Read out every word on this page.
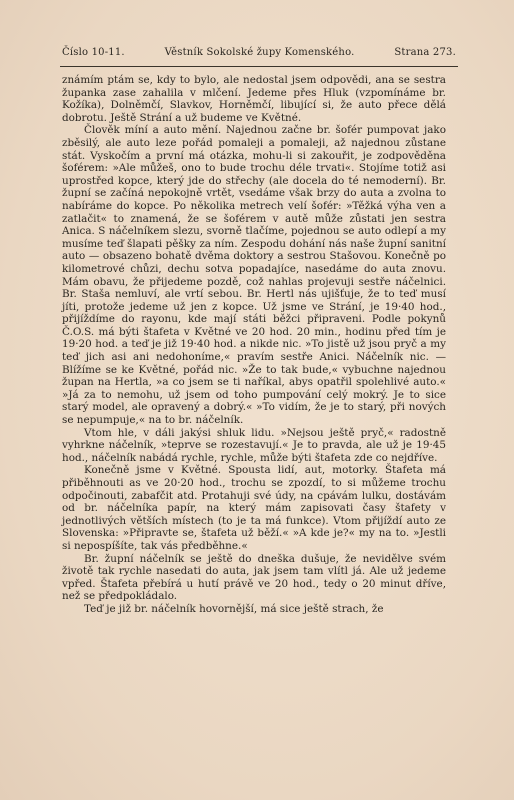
Číslo 10-11.	Věstník Sokolské župy Komenského.	Strana 273.

známím ptám se, kdy to bylo, ale nedostal jsem odpovědi, ana se sestra županka zase zahalila v mlčení. Jedeme přes Hluk (vzpomínáme br. Kožíka), Dolněmčí, Slavkov, Horněmčí, libující si, že auto přece dělá dobrotu. Ještě Strání a už budeme ve Květné.

Člověk míní a auto mění. Najednou začne br. šofér pumpovat jako zběsilý, ale auto leze pořád pomaleji a pomaleji, až najednou zůstane stát. Vyskočím a první má otázka, mohu-li si zakouřit, je zodpověděna šoférem: »Ale můžeš, ono to bude trochu déle trvati«. Stojíme totiž asi uprostřed kopce, který jde do střechy (ale docela do té nemoderní). Br. župní se začíná nepokojně vrtět, vsedáme však brzy do auta a zvolna to nabíráme do kopce. Po několika metrech velí šofér: »Těžká výha ven a zatlačit« to znamená, že se šoférem v autě může zůstati jen sestra Anica. S náčelníkem slezu, svorně tlačíme, pojednou se auto odlepí a my musíme teď šlapati pěšky za ním. Zespodu dohání nás naše župní sanitní auto — obsazeno bohatě dvěma doktory a sestrou Stašovou. Konečně po kilometrové chůzi, dechu sotva popadajíce, nasedáme do auta znovu. Mám obavu, že přijedeme pozdě, což nahlas projevuji sestře náčelnici. Br. Staša nemluví, ale vrtí sebou. Br. Hertl nás ujišťuje, že to teď musí jíti, protože jedeme už jen z kopce. Už jsme ve Strání, je 19·40 hod., přijíždíme do rayonu, kde mají státi běžci připraveni. Podle pokynů Č.O.S. má býti štafeta v Květné ve 20 hod. 20 min., hodinu před tím je 19·20 hod. a teď je již 19·40 hod. a nikde nic. »To jistě už jsou pryč a my teď jich asi ani nedohoníme,« pravím sestře Anici. Náčelník nic. — Blížíme se ke Květné, pořád nic. »Že to tak bude,« vybuchne najednou župan na Hertla, »a co jsem se ti naříkal, abys opatřil spolehlivé auto.« »Já za to nemohu, už jsem od toho pumpování celý mokrý. Je to sice starý model, ale opravený a dobrý.« »To vidím, že je to starý, při nových se nepumpuje,« na to br. náčelník.

Vtom hle, v dáli jakýsi shluk lidu. »Nejsou ještě pryč,« radostně vyhrkne náčelník, »teprve se rozestavují.« Je to pravda, ale už je 19·45 hod., náčelník nabádá rychle, rychle, může býti štafeta zde co nejdříve.

Konečně jsme v Květné. Spousta lidí, aut, motorky. Štafeta má přiběhnouti as ve 20·20 hod., trochu se zpozdí, to si můžeme trochu odpočinouti, zabafčit atd. Protahuji své údy, na cpávám lulku, dostávám od br. náčelníka papír, na který mám zapisovati časy štafety v jednotlivých větších místech (to je ta má funkce). Vtom přijíždí auto ze Slovenska: »Připravte se, štafeta už běží.« »A kde je?« my na to. »Jestli si nepospíšíte, tak vás předběhne.«

Br. župní náčelník se ještě do dneška dušuje, že nevidělve svém životě tak rychle nasedati do auta, jak jsem tam vlítl já. Ale už jedeme vpřed. Štafeta přebírá u hutí právě ve 20 hod., tedy o 20 minut dříve, než se předpokládalo.

Teď je již br. náčelník hovornější, má sice ještě strach, že
